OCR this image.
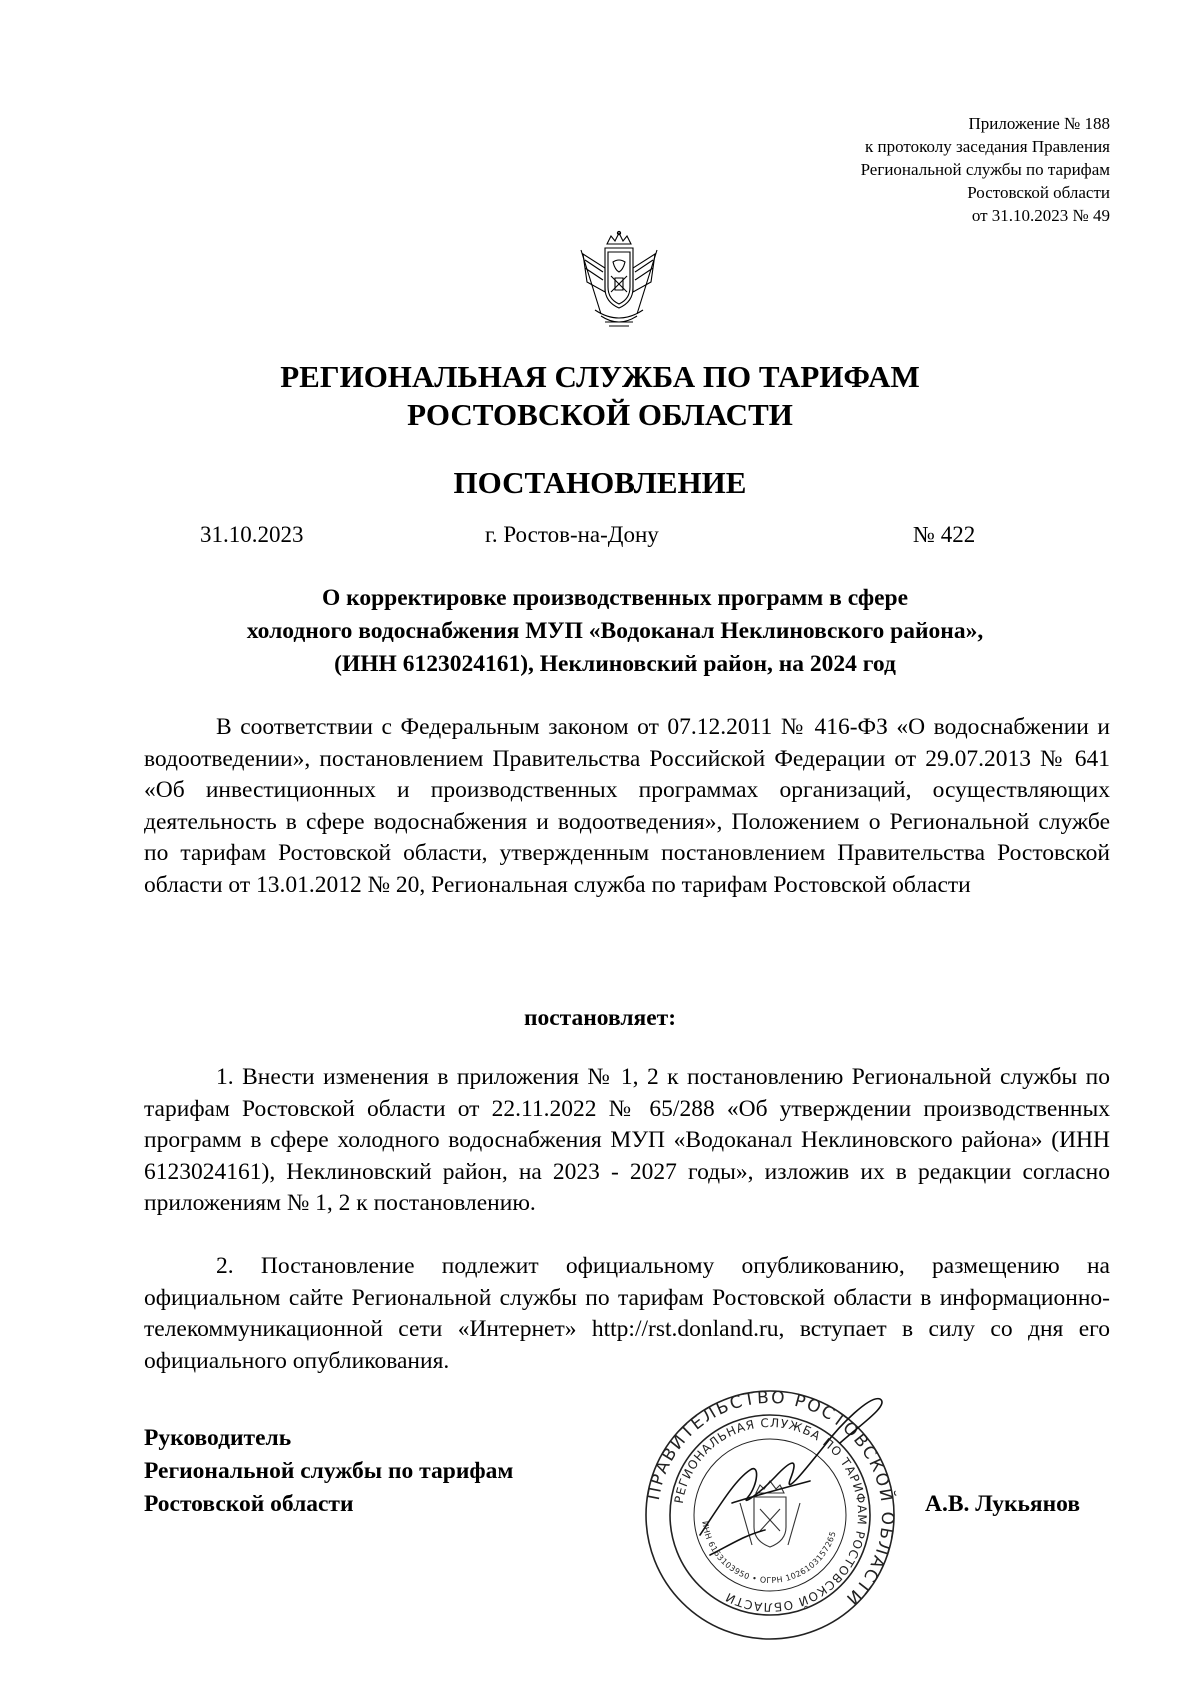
Приложение № 188
к протоколу заседания Правления
Региональной службы по тарифам
Ростовской области
от 31.10.2023 № 49
РЕГИОНАЛЬНАЯ СЛУЖБА ПО ТАРИФАМ
РОСТОВСКОЙ ОБЛАСТИ
ПОСТАНОВЛЕНИЕ
31.10.2023	г. Ростов-на-Дону	№ 422
О корректировке производственных программ в сфере
холодного водоснабжения МУП «Водоканал Неклиновского района»,
(ИНН 6123024161), Неклиновский район, на 2024 год
В соответствии с Федеральным законом от 07.12.2011 № 416-ФЗ «О водоснабжении и водоотведении», постановлением Правительства Российской Федерации от 29.07.2013 № 641 «Об инвестиционных и производственных программах организаций, осуществляющих деятельность в сфере водоснабжения и водоотведения», Положением о Региональной службе по тарифам Ростовской области, утвержденным постановлением Правительства Ростовской области от 13.01.2012 № 20, Региональная служба по тарифам Ростовской области
постановляет:
1. Внести изменения в приложения № 1, 2 к постановлению Региональной службы по тарифам Ростовской области от 22.11.2022 № 65/288 «Об утверждении производственных программ в сфере холодного водоснабжения МУП «Водоканал Неклиновского района» (ИНН 6123024161), Неклиновский район, на 2023 - 2027 годы», изложив их в редакции согласно приложениям № 1, 2 к постановлению.
2. Постановление подлежит официальному опубликованию, размещению на официальном сайте Региональной службы по тарифам Ростовской области в информационно-телекоммуникационной сети «Интернет» http://rst.donland.ru, вступает в силу со дня его официального опубликования.
Руководитель
Региональной службы по тарифам
Ростовской области	ПРАВИТЕЛЬСТВО РОСТОВСКОЙ ОБЛАСТИ
РЕГИОНАЛЬНАЯ СЛУЖБА ПО ТАРИФАМ РОСТОВСКОЙ ОБЛАСТИ
ИНН 6163103950 • ОГРН 1026103157265
А.В. Лукьянов
